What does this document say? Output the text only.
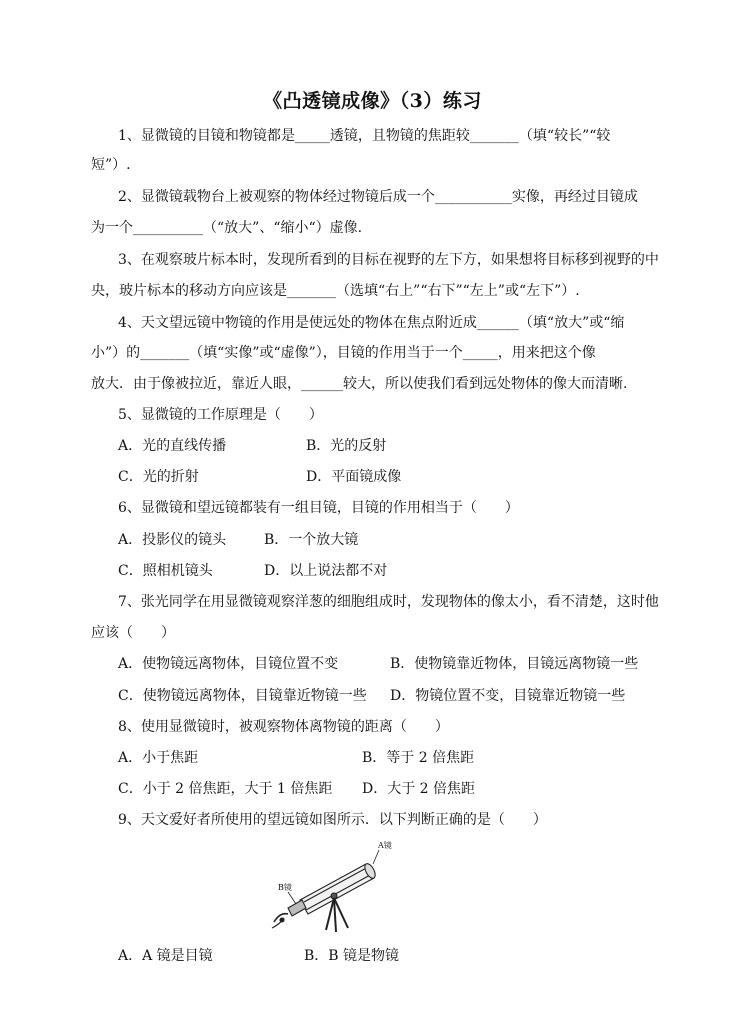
《凸透镜成像》（3）练习
1、显微镜的目镜和物镜都是_____透镜，且物镜的焦距较_______（填“较长”“较
短”）.
2、显微镜载物台上被观察的物体经过物镜后成一个___________实像，再经过目镜成
为一个__________（“放大”、“缩小“）虚像.
3、在观察玻片标本时，发现所看到的目标在视野的左下方，如果想将目标移到视野的中
央，玻片标本的移动方向应该是_______（选填“右上”“右下”“左上”或“左下”）.
4、天文望远镜中物镜的作用是使远处的物体在焦点附近成______（填“放大”或“缩
小”）的_______（填“实像”或“虚像”），目镜的作用当于一个_____，用来把这个像
放大．由于像被拉近，靠近人眼，______较大，所以使我们看到远处物体的像大而清晰.
5、显微镜的工作原理是（　　）
A．光的直线传播	B．光的反射
C．光的折射	D．平面镜成像
6、显微镜和望远镜都装有一组目镜，目镜的作用相当于（　　）
A．投影仪的镜头	B．一个放大镜
C．照相机镜头	D．以上说法都不对
7、张光同学在用显微镜观察洋葱的细胞组成时，发现物体的像太小，看不清楚，这时他
应该（　　）
A．使物镜远离物体，目镜位置不变	B．使物镜靠近物体，目镜远离物镜一些
C．使物镜远离物体，目镜靠近物镜一些 D．物镜位置不变，目镜靠近物镜一些
8、使用显微镜时，被观察物体离物镜的距离（　　）
A．小于焦距	B．等于 2 倍焦距
C．小于 2 倍焦距，大于 1 倍焦距 D．大于 2 倍焦距
9、天文爱好者所使用的望远镜如图所示．以下判断正确的是（　　）
A镜
B镜
A．A 镜是目镜	B．B 镜是物镜
